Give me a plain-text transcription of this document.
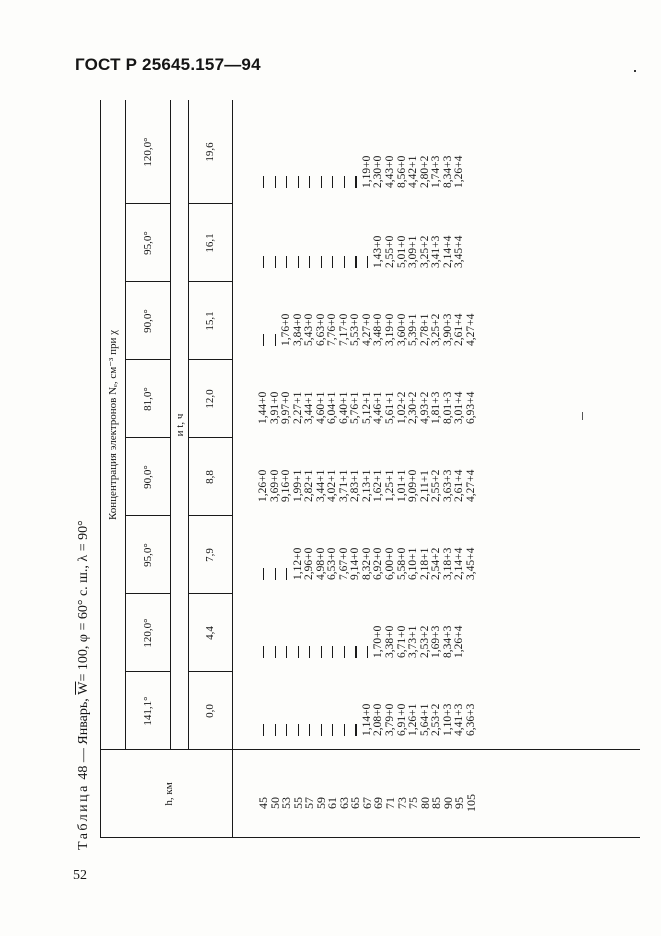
ГОСТ Р 25645.157—94
52
Таблица 48 — Январь, $\overline{W}= 100$, φ = 60° с. ш., λ = 90°
h, км
Концентрация электронов Nₑ, см⁻³ при χ	и t, ч
141,1°
120,0°
95,0°
90,0°
81,0°
90,0°
95,0°
120,0°
0,0
4,4
7,9
8,8
12,0
15,1
16,1
19,6
45
50
53
55
57
59
61
63
65
67
69
71
73
75
80
85
90
95
105
1,14+0 2,08+0 3,79+0 6,91+0 1,26+1 5,64+1 2,53+2 1,10+3 4,41+3 6,36+3
1,70+0 3,38+0 6,71+0 3,73+1 2,53+2 1,69+3 8,34+3 1,26+4
1,12+0 2,96+0 4,98+0 6,53+0 7,67+0 9,14+0 8,32+0 6,92+0 6,00+0 5,58+0 6,10+1 2,18+1 2,54+2 3,18+3 2,14+4 3,45+4
1,26+0 3,69+0 9,16+0 1,99+1 2,82+1 3,44+1 4,02+1 3,71+1 2,83+1 2,13+1 1,62+1 1,25+1 1,01+1 9,09+0 2,11+1 2,55+2 3,63+3 2,61+4 4,27+4
1,44+0 3,91+0 9,97+0 2,27+1 3,44+1 4,60+1 6,04+1 6,40+1 5,76+1 5,12+1 4,46+1 5,61+1 1,02+2 2,30+2 4,93+2 1,81+3 8,01+3 3,01+4 6,93+4
1,76+0 3,84+0 5,43+0 6,63+0 7,76+0 7,17+0 5,53+0 4,27+0 3,48+0 3,19+0 3,60+0 5,39+1 2,78+1 3,25+2 3,90+3 2,61+4 4,27+4
1,43+0 2,55+0 5,01+0 3,09+1 3,25+2 3,41+3 2,14+4 3,45+4
1,19+0 2,30+0 4,43+0 8,56+0 4,42+1 2,80+2 1,74+3 8,34+3 1,26+4
